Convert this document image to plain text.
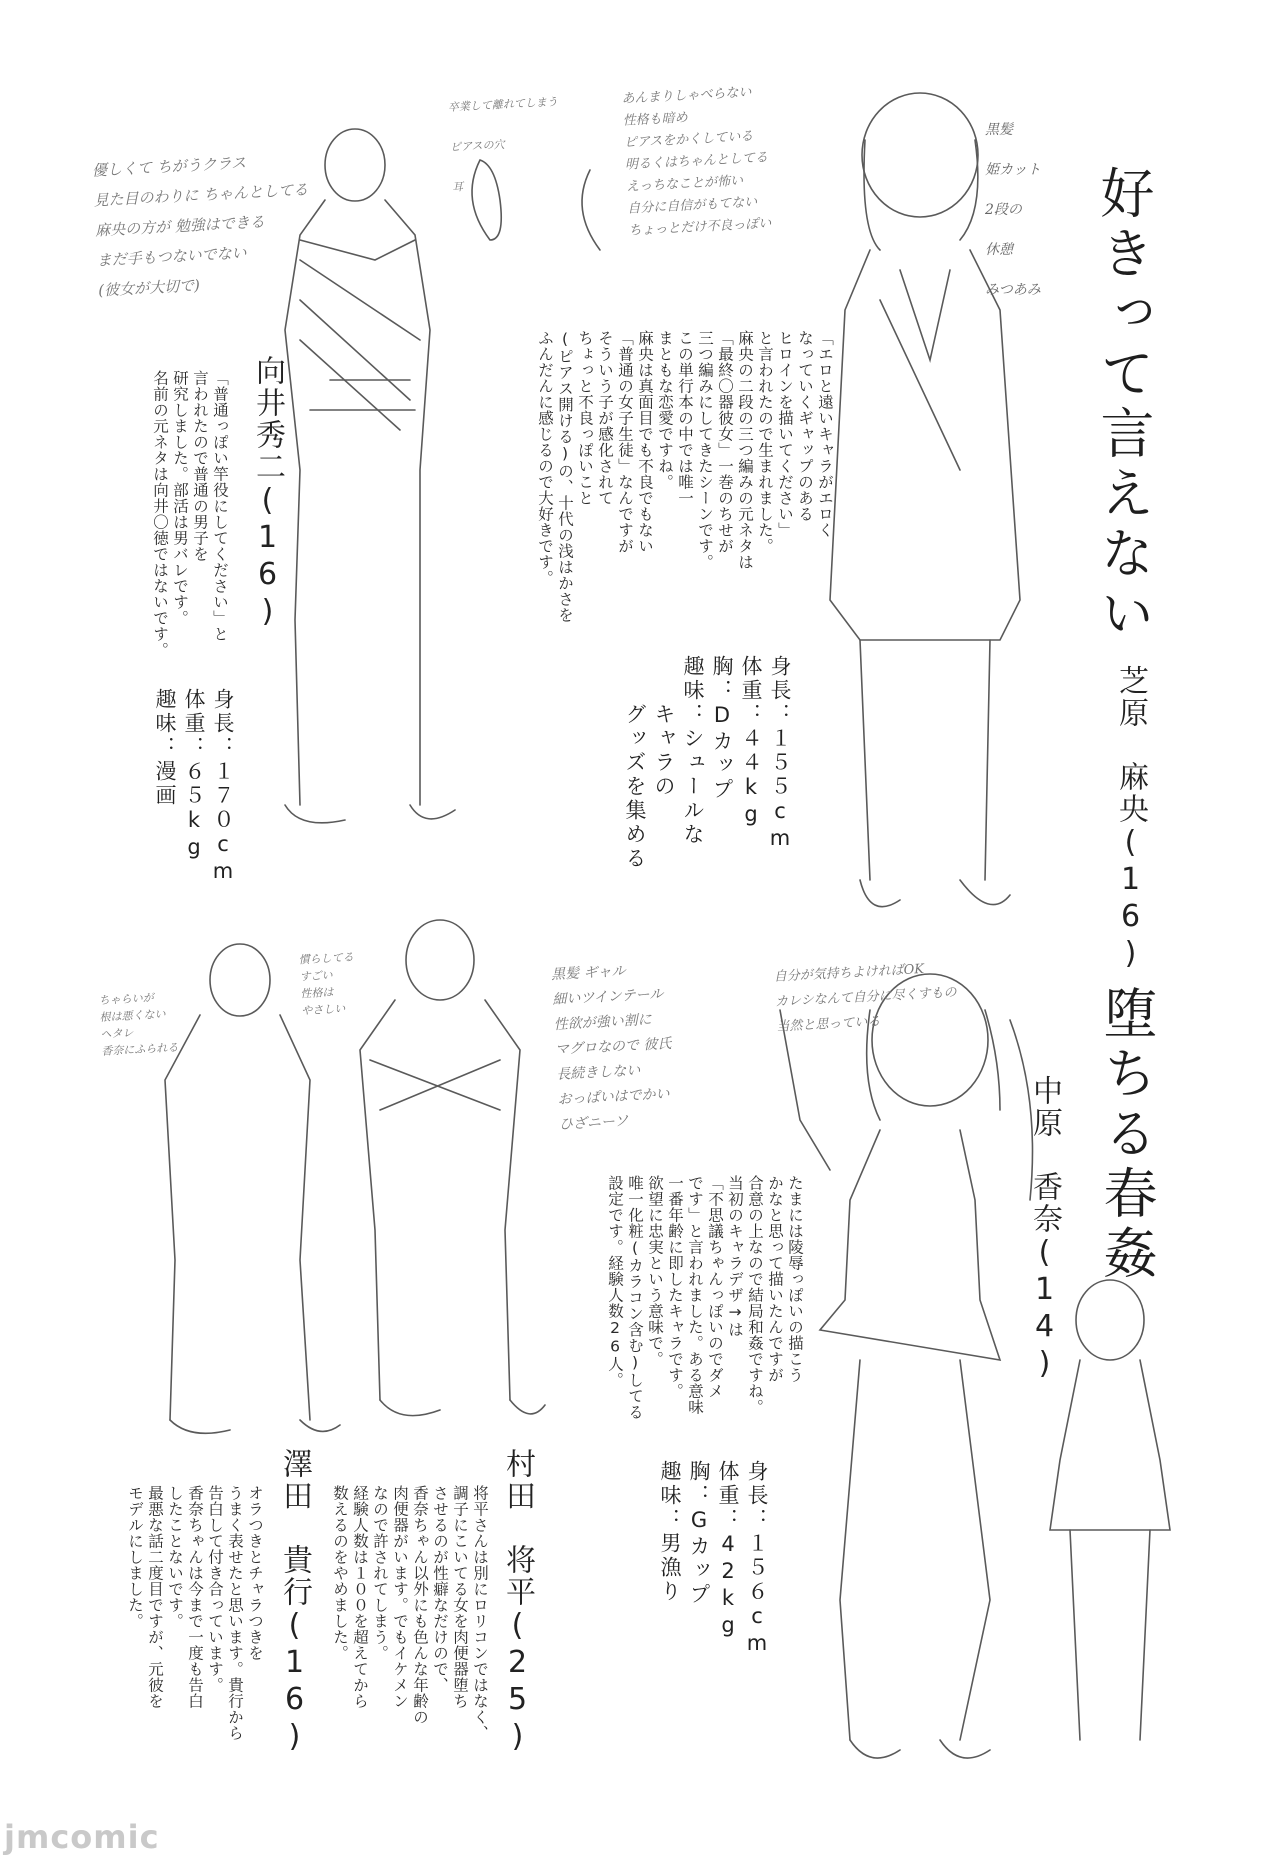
好きって言えない
芝原　麻央(1⁠6)
「エロと遠いキャラがエロく
なっていくギャップのある
ヒロインを描いてください」
と言われたので生まれました。
麻央の二段の三つ編みの元ネタは
「最終〇器彼女」一巻のちせが
三つ編みにしてきたシーンです。
この単行本の中では唯一
まともな恋愛ですね。
麻央は真面目でも不良でもない
「普通の女子生徒」なんですが
そういう子が感化されて
ちょっと不良っぽいこと
(ピアス開ける)の、十代の浅はかさを
ふんだんに感じるので大好きです。
身長：１５５cm
体重：４４kg
胸：Dカップ
趣味：シュールな
　　キャラの
　　グッズを集める
黒髪
姫カット
2段の
休憩
みつあみ
あんまりしゃべらない
性格も暗め
ピアスをかくしている
明るくはちゃんとしてる
えっちなことが怖い
自分に自信がもてない
ちょっとだけ不良っぽい
向井秀二(1⁠6)
「普通っぽい竿役にしてください」と
言われたので普通の男子を
研究しました。部活は男バレです。
名前の元ネタは向井〇徳ではないです。
身長：１７０cm
体重：６５kg
趣味：漫画
優しくて ちがうクラス
見た目のわりに ちゃんとしてる
麻央の方が 勉強はできる
まだ手もつないでない
(彼女が大切で)
卒業して離れてしまう
ピアスの穴
耳
堕ちる春姦
中原　香奈(1⁠4)
たまには陵辱っぽいの描こう
かなと思って描いたんですが
合意の上なので結局和姦ですね。
当初のキャラデザ→は
「不思議ちゃんっぽいのでダメ
です」と言われました。ある意味
一番年齢に即したキャラです。
欲望に忠実という意味で。
唯一化粧(カラコン含む)してる
設定です。経験人数26人。
身長：１５６cm
体重：42kg
胸：Gカップ
趣味：男漁り
黒髪 ギャル
細いツインテール
性欲が強い割に
マグロなので 彼氏
長続きしない
おっぱいはでかい
ひざニーソ
自分が気持ちよければOK
カレシなんて自分に尽くすもの
当然と思っている
村田　将平(25)
将平さんは別にロリコンではなく、
調子にこいてる女を肉便器堕ち
させるのが性癖なだけので、
香奈ちゃん以外にも色んな年齢の
肉便器がいます。でもイケメン
なので許されてしまう。
経験人数は１００を超えてから
数えるのをやめました。
慣らしてる
すごい
性格は
やさしい
澤田　貴行(16)
オラつきとチャラつきを
うまく表せたと思います。貴行から
告白して付き合っています。
香奈ちゃんは今まで一度も告白
したことないです。
最悪な話二度目ですが、元彼を
モデルにしました。
ちゃらいが
根は悪くない
ヘタレ
香奈にふられる
jmcomic
